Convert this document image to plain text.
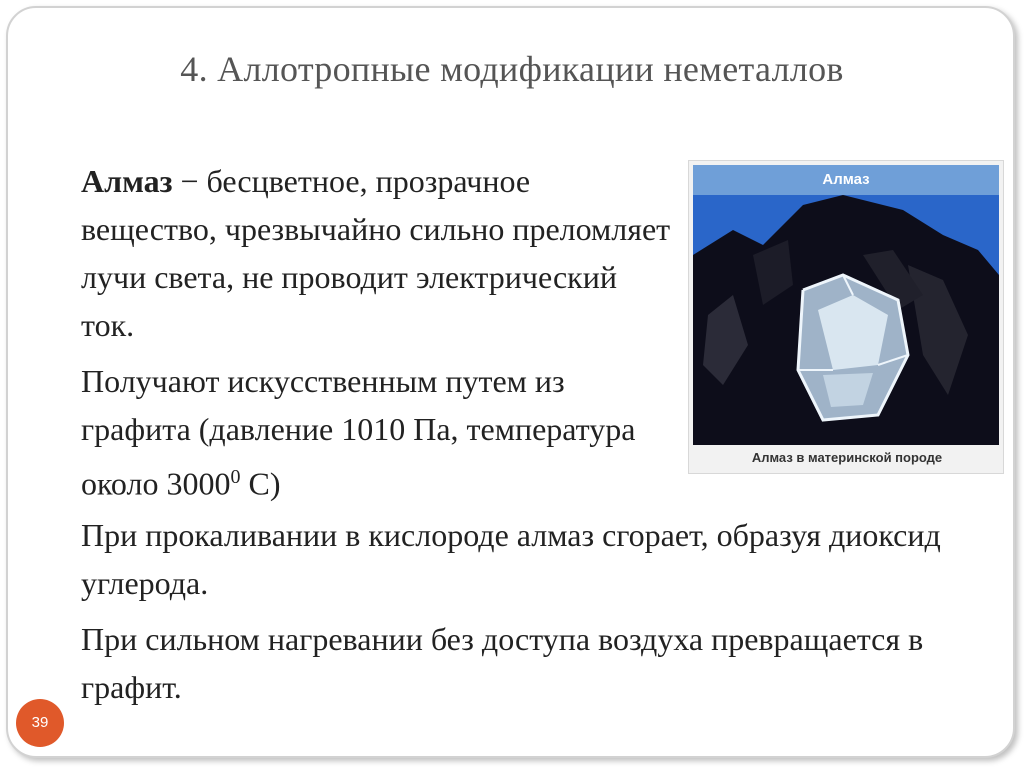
4. Аллотропные модификации неметаллов

Алмаз − бесцветное, прозрачное вещество, чрезвычайно сильно преломляет лучи света, не проводит электрический ток.

Получают искусственным путем из графита (давление 1010 Па, температура около 3000$^0$ С)

При прокаливании в кислороде алмаз сгорает, образуя диоксид углерода.

При сильном нагревании без доступа воздуха превращается в графит.

Алмаз
Алмаз в материнской породе
39
